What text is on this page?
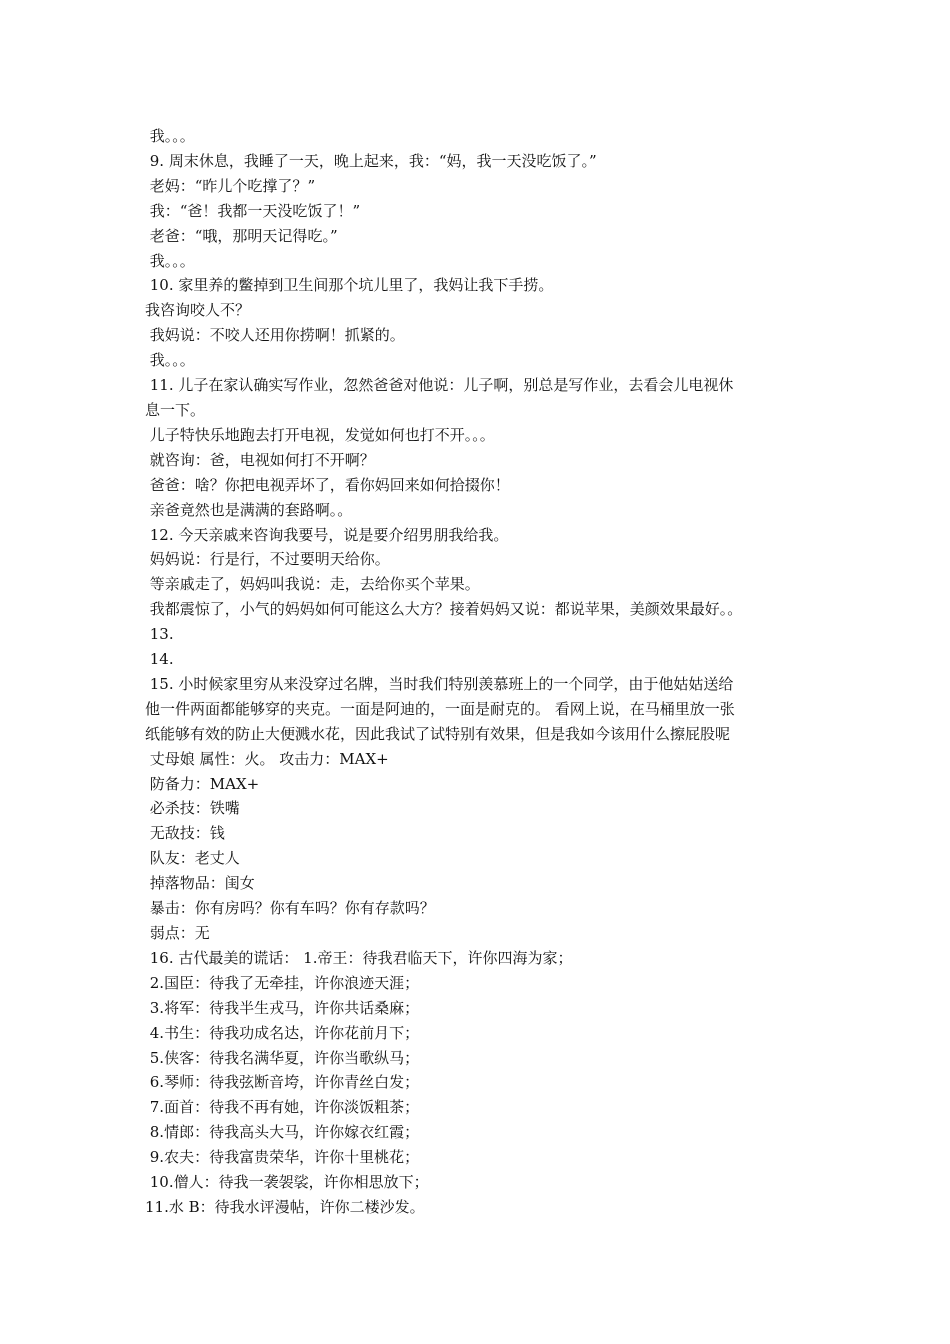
我。。。

9. 周末休息，我睡了一天，晚上起来，我：“妈，我一天没吃饭了。”

老妈：“昨儿个吃撑了？”

我：“爸！我都一天没吃饭了！”

老爸：“哦，那明天记得吃。”

我。。。

10. 家里养的鳖掉到卫生间那个坑儿里了，我妈让我下手捞。

我咨询咬人不？

我妈说：不咬人还用你捞啊！抓紧的。

我。。。

11. 儿子在家认确实写作业，忽然爸爸对他说：儿子啊，别总是写作业，去看会儿电视休

息一下。

儿子特快乐地跑去打开电视，发觉如何也打不开。。。

就咨询：爸，电视如何打不开啊？

爸爸：啥？你把电视弄坏了，看你妈回来如何拾掇你！

亲爸竟然也是满满的套路啊。。

12. 今天亲戚来咨询我要号，说是要介绍男朋我给我。

妈妈说：行是行，不过要明天给你。

等亲戚走了，妈妈叫我说：走，去给你买个苹果。

我都震惊了，小气的妈妈如何可能这么大方？接着妈妈又说：都说苹果，美颜效果最好。。

13.

14.

15. 小时候家里穷从来没穿过名牌，当时我们特别羡慕班上的一个同学，由于他姑姑送给

他一件两面都能够穿的夹克。一面是阿迪的，一面是耐克的。 看网上说，在马桶里放一张

纸能够有效的防止大便溅水花，因此我试了试特别有效果，但是我如今该用什么擦屁股呢

丈母娘 属性：火。 攻击力：MAX+

防备力：MAX+

必杀技：铁嘴

无敌技：钱

队友：老丈人

掉落物品：闺女

暴击：你有房吗？你有车吗？你有存款吗？

弱点：无

16. 古代最美的谎话： 1.帝王：待我君临天下，许你四海为家；

2.国臣：待我了无牵挂，许你浪迹天涯；

3.将军：待我半生戎马，许你共话桑麻；

4.书生：待我功成名达，许你花前月下；

5.侠客：待我名满华夏，许你当歌纵马；

6.琴师：待我弦断音垮，许你青丝白发；

7.面首：待我不再有她，许你淡饭粗茶；

8.情郎：待我高头大马，许你嫁衣红霞；

9.农夫：待我富贵荣华，许你十里桃花；

10.僧人：待我一袭袈裟，许你相思放下；

11.水 B：待我水评漫帖，许你二楼沙发。
